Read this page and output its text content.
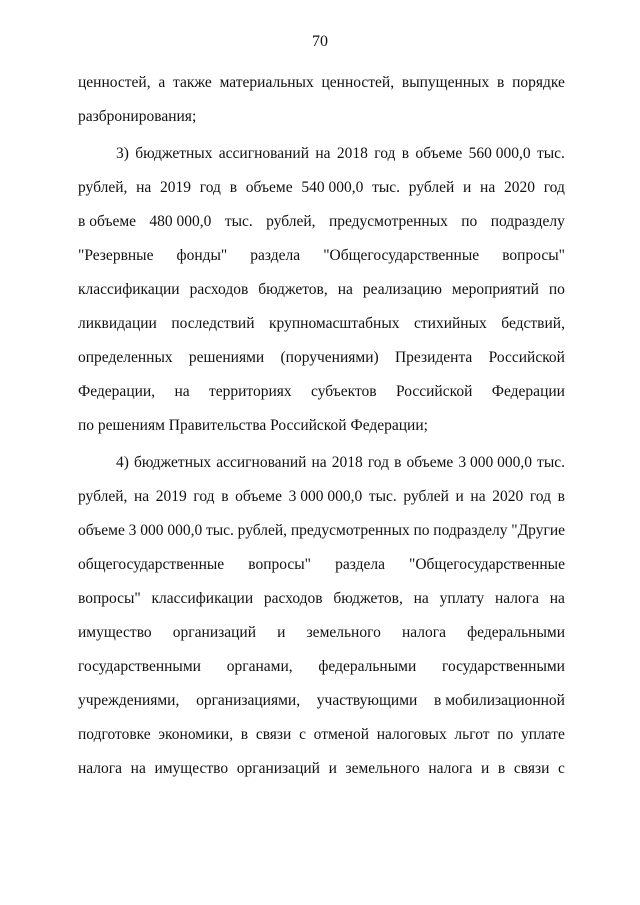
70
ценностей, а также материальных ценностей, выпущенных в порядке
разбронирования;
3) бюджетных ассигнований на 2018 год в объеме 560 000,0 тыс.
рублей, на 2019 год в объеме 540 000,0 тыс. рублей и на 2020 год
в объеме 480 000,0 тыс. рублей, предусмотренных по подразделу
"Резервные фонды" раздела "Общегосударственные вопросы"
классификации расходов бюджетов, на реализацию мероприятий по
ликвидации последствий крупномасштабных стихийных бедствий,
определенных решениями (поручениями) Президента Российской
Федерации, на территориях субъектов Российской Федерации
по решениям Правительства Российской Федерации;
4) бюджетных ассигнований на 2018 год в объеме 3 000 000,0 тыс.
рублей, на 2019 год в объеме 3 000 000,0 тыс. рублей и на 2020 год в
объеме 3 000 000,0 тыс. рублей, предусмотренных по подразделу "Другие
общегосударственные вопросы" раздела "Общегосударственные
вопросы" классификации расходов бюджетов, на уплату налога на
имущество организаций и земельного налога федеральными
государственными органами, федеральными государственными
учреждениями, организациями, участвующими в мобилизационной
подготовке экономики, в связи с отменой налоговых льгот по уплате
налога на имущество организаций и земельного налога и в связи с
